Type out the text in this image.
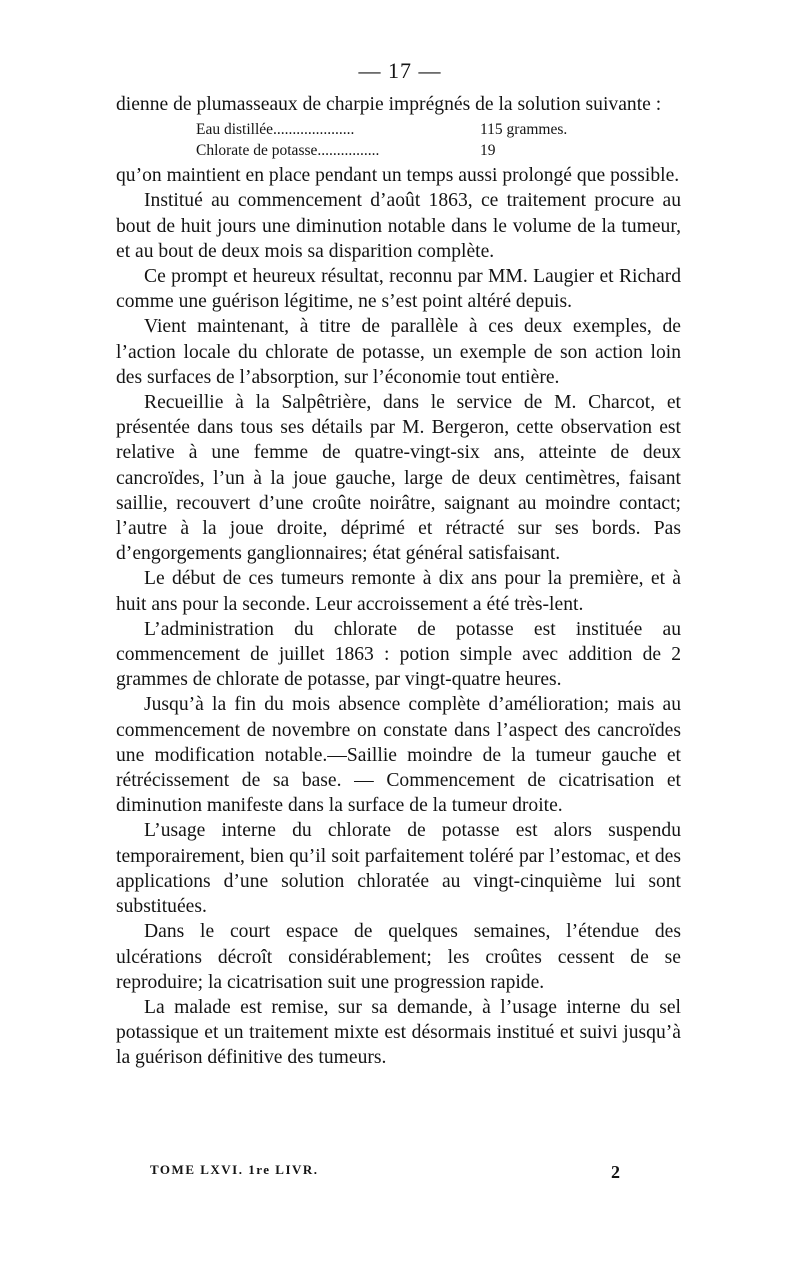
— 17 —

dienne de plumasseaux de charpie imprégnés de la solution suivante :

Eau distillée.....................	115 grammes.
Chlorate de potasse................	19

qu’on maintient en place pendant un temps aussi prolongé que possible.

Institué au commencement d’août 1863, ce traitement procure au bout de huit jours une diminution notable dans le volume de la tumeur, et au bout de deux mois sa disparition complète.

Ce prompt et heureux résultat, reconnu par MM. Laugier et Richard comme une guérison légitime, ne s’est point altéré depuis.

Vient maintenant, à titre de parallèle à ces deux exemples, de l’action locale du chlorate de potasse, un exemple de son action loin des surfaces de l’absorption, sur l’économie tout entière.

Recueillie à la Salpêtrière, dans le service de M. Charcot, et présentée dans tous ses détails par M. Bergeron, cette observation est relative à une femme de quatre-vingt-six ans, atteinte de deux cancroïdes, l’un à la joue gauche, large de deux centimètres, faisant saillie, recouvert d’une croûte noirâtre, saignant au moindre contact; l’autre à la joue droite, déprimé et rétracté sur ses bords. Pas d’engorgements ganglionnaires; état général satisfaisant.

Le début de ces tumeurs remonte à dix ans pour la première, et à huit ans pour la seconde. Leur accroissement a été très-lent.

L’administration du chlorate de potasse est instituée au commencement de juillet 1863 : potion simple avec addition de 2 grammes de chlorate de potasse, par vingt-quatre heures.

Jusqu’à la fin du mois absence complète d’amélioration; mais au commencement de novembre on constate dans l’aspect des cancroïdes une modification notable.—Saillie moindre de la tumeur gauche et rétrécissement de sa base. — Commencement de cicatrisation et diminution manifeste dans la surface de la tumeur droite.

L’usage interne du chlorate de potasse est alors suspendu temporairement, bien qu’il soit parfaitement toléré par l’estomac, et des applications d’une solution chloratée au vingt-cinquième lui sont substituées.

Dans le court espace de quelques semaines, l’étendue des ulcérations décroît considérablement; les croûtes cessent de se reproduire; la cicatrisation suit une progression rapide.

La malade est remise, sur sa demande, à l’usage interne du sel potassique et un traitement mixte est désormais institué et suivi jusqu’à la guérison définitive des tumeurs.

TOME LXVI. 1re LIVR.	2
